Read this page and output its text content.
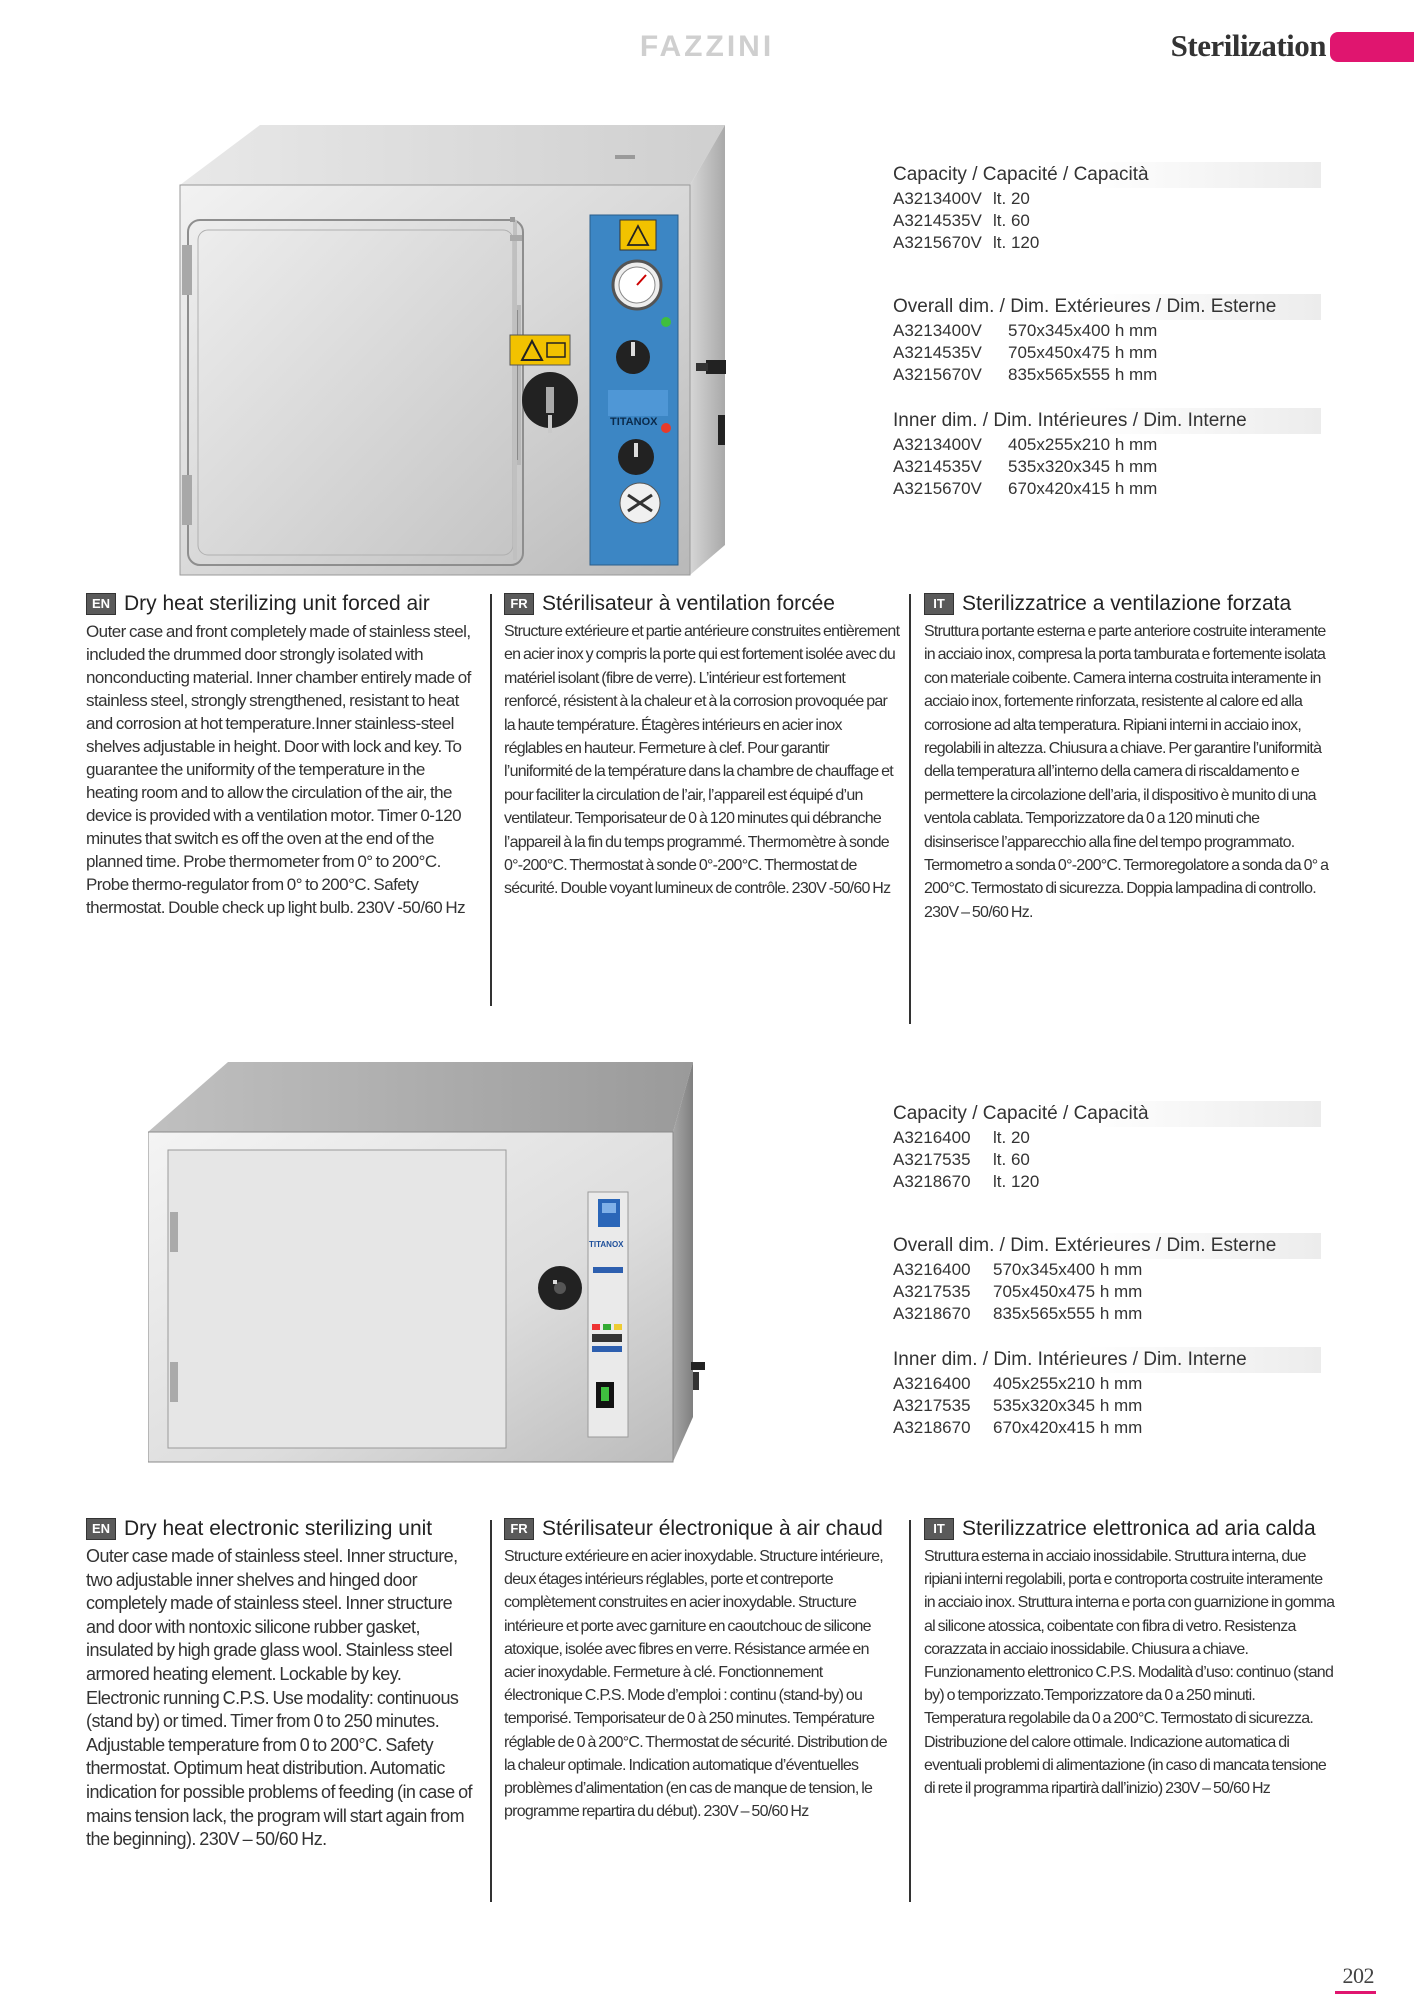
FAZZINI	Sterilization
TITANOX
Capacity / Capacité / Capacità
A3213400V lt. 20
A3214535V lt. 60
A3215670V lt. 120
Overall dim. / Dim. Extérieures / Dim. Esterne
A3213400V 570x345x400 h mm
A3214535V 705x450x475 h mm
A3215670V 835x565x555 h mm
Inner dim. / Dim. Intérieures / Dim. Interne
A3213400V 405x255x210 h mm
A3214535V 535x320x345 h mm
A3215670V 670x420x415 h mm
EN Dry heat sterilizing unit forced air
Outer case and front completely made of stainless steel, included the drummed door strongly isolated with nonconducting material. Inner chamber entirely made of stainless steel, strongly strengthened, resistant to heat and corrosion at hot temperature.Inner stainless-steel shelves adjustable in height. Door with lock and key. To guarantee the uniformity of the temperature in the heating room and to allow the circulation of the air, the device is provided with a ventilation motor. Timer 0-120 minutes that switch es off the oven at the end of the planned time. Probe thermometer from 0° to 200°C. Probe thermo-regulator from 0° to 200°C. Safety thermostat. Double check up light bulb. 230V -50/60 Hz
FR Stérilisateur à ventilation forcée
Structure extérieure et partie antérieure construites entièrement en acier inox y compris la porte qui est fortement isolée avec du matériel isolant (fibre de verre). L’intérieur est fortement renforcé, résistent à la chaleur et à la corrosion provoquée par la haute température. Étagères intérieurs en acier inox réglables en hauteur. Fermeture à clef. Pour garantir l’uniformité de la température dans la chambre de chauffage et pour faciliter la circulation de l’air, l’appareil est équipé d’un ventilateur. Temporisateur de 0 à 120 minutes qui débranche l’appareil à la fin du temps programmé. Thermomètre à sonde 0°-200°C. Thermostat à sonde 0°-200°C. Thermostat de sécurité. Double voyant lumineux de contrôle. 230V -50/60 Hz
IT Sterilizzatrice a ventilazione forzata
Struttura portante esterna e parte anteriore costruite interamente in acciaio inox, compresa la porta tamburata e fortemente isolata con materiale coibente. Camera interna costruita interamente in acciaio inox, fortemente rinforzata, resistente al calore ed alla corrosione ad alta temperatura. Ripiani interni in acciaio inox, regolabili in altezza. Chiusura a chiave. Per garantire l’uniformità della temperatura all’interno della camera di riscaldamento e permettere la circolazione dell’aria, il dispositivo è munito di una ventola cablata. Temporizzatore da 0 a 120 minuti che disinserisce l’apparecchio alla fine del tempo programmato. Termometro a sonda 0°-200°C. Termoregolatore a sonda da 0° a 200°C. Termostato di sicurezza. Doppia lampadina di controllo. 230V – 50/60 Hz.
TITANOX
Capacity / Capacité / Capacità
A3216400 lt. 20
A3217535 lt. 60
A3218670 lt. 120
Overall dim. / Dim. Extérieures / Dim. Esterne
A3216400 570x345x400 h mm
A3217535 705x450x475 h mm
A3218670 835x565x555 h mm
Inner dim. / Dim. Intérieures / Dim. Interne
A3216400 405x255x210 h mm
A3217535 535x320x345 h mm
A3218670 670x420x415 h mm
EN Dry heat electronic sterilizing unit
Outer case made of stainless steel. Inner structure, two adjustable inner shelves and hinged door completely made of stainless steel. Inner structure and door with nontoxic silicone rubber gasket, insulated by high grade glass wool. Stainless steel armored heating element. Lockable by key. Electronic running C.P.S. Use modality: continuous (stand by) or timed. Timer from 0 to 250 minutes. Adjustable temperature from 0 to 200°C. Safety thermostat. Optimum heat distribution. Automatic indication for possible problems of feeding (in case of mains tension lack, the program will start again from the beginning). 230V – 50/60 Hz.
FR Stérilisateur électronique à air chaud
Structure extérieure en acier inoxydable. Structure intérieure, deux étages intérieurs réglables, porte et contreporte complètement construites en acier inoxydable. Structure intérieure et porte avec garniture en caoutchouc de silicone atoxique, isolée avec fibres en verre. Résistance armée en acier inoxydable. Fermeture à clé. Fonctionnement électronique C.P.S. Mode d’emploi : continu (stand-by) ou temporisé. Temporisateur de 0 à 250 minutes. Température réglable de 0 à 200°C. Thermostat de sécurité. Distribution de la chaleur optimale. Indication automatique d’éventuelles problèmes d’alimentation (en cas de manque de tension, le programme repartira du début). 230V – 50/60 Hz
IT Sterilizzatrice elettronica ad aria calda
Struttura esterna in acciaio inossidabile. Struttura interna, due ripiani interni regolabili, porta e controporta costruite interamente in acciaio inox. Struttura interna e porta con guarnizione in gomma al silicone atossica, coibentate con fibra di vetro. Resistenza corazzata in acciaio inossidabile. Chiusura a chiave. Funzionamento elettronico C.P.S. Modalità d’uso: continuo (stand by) o temporizzato.Temporizzatore da 0 a 250 minuti. Temperatura regolabile da 0 a 200°C. Termostato di sicurezza. Distribuzione del calore ottimale. Indicazione automatica di eventuali problemi di alimentazione (in caso di mancata tensione di rete il programma ripartirà dall’inizio) 230V – 50/60 Hz
202
